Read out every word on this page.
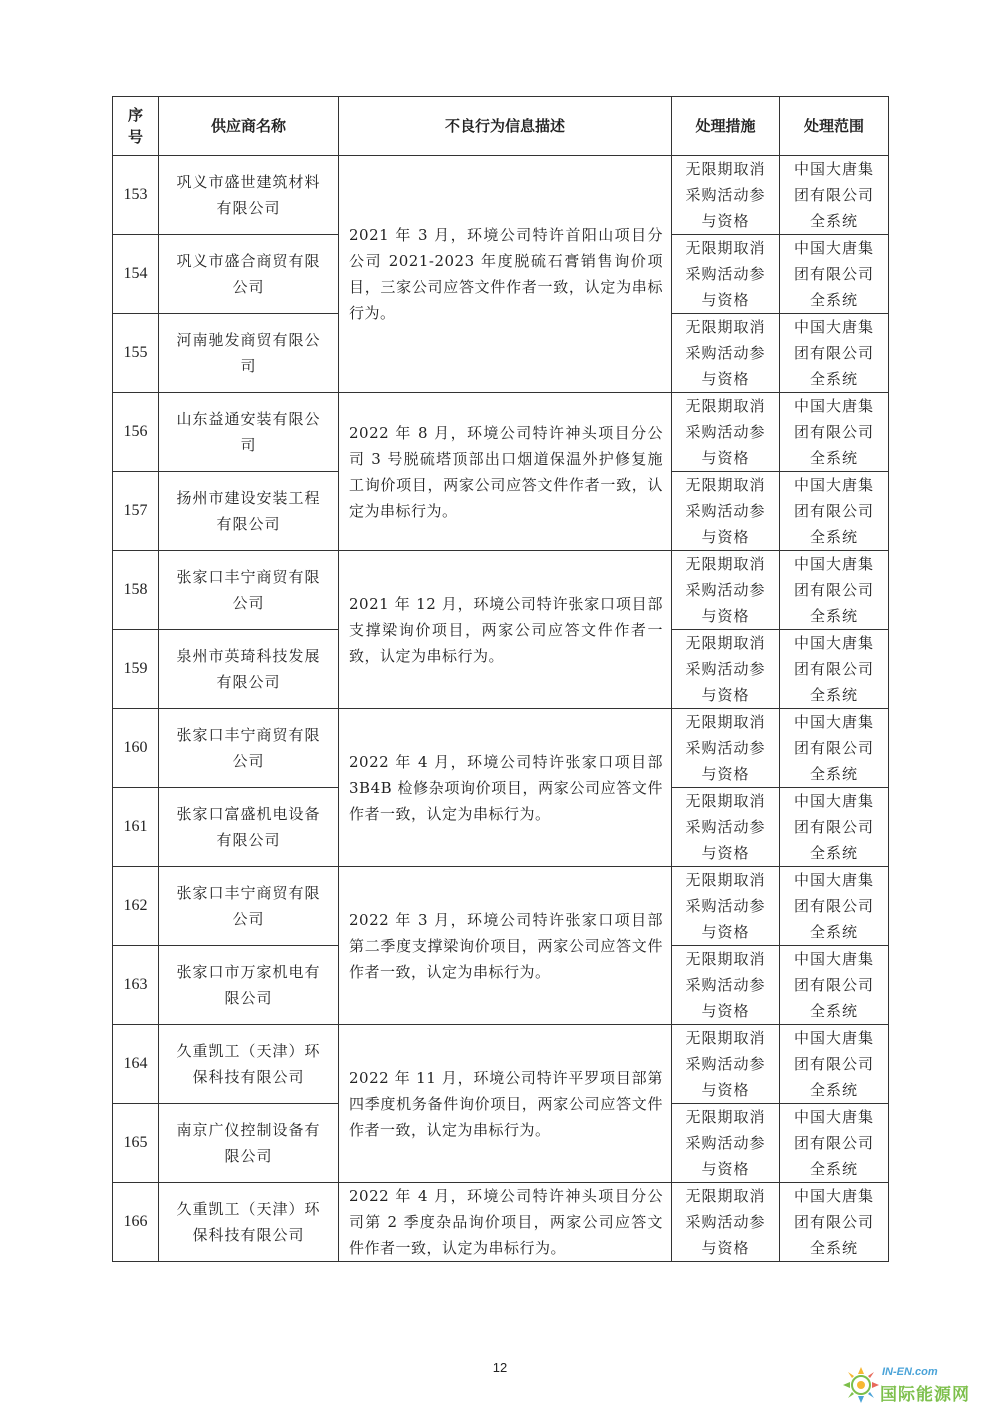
序
号	供应商名称	不良行为信息描述	处理措施	处理范围
153	巩义市盛世建筑材料有限公司	2021 年 3 月，环境公司特许首阳山项目分公司 2021-2023 年度脱硫石膏销售询价项目，三家公司应答文件作者一致，认定为串标行为。	无限期取消采购活动参与资格	中国大唐集团有限公司全系统
154	巩义市盛合商贸有限公司		无限期取消采购活动参与资格	中国大唐集团有限公司全系统
155	河南驰发商贸有限公司		无限期取消采购活动参与资格	中国大唐集团有限公司全系统
156	山东益通安装有限公司	2022 年 8 月，环境公司特许神头项目分公司 3 号脱硫塔顶部出口烟道保温外护修复施工询价项目，两家公司应答文件作者一致，认定为串标行为。	无限期取消采购活动参与资格	中国大唐集团有限公司全系统
157	扬州市建设安装工程有限公司		无限期取消采购活动参与资格	中国大唐集团有限公司全系统
158	张家口丰宁商贸有限公司	2021 年 12 月，环境公司特许张家口项目部支撑梁询价项目，两家公司应答文件作者一致，认定为串标行为。	无限期取消采购活动参与资格	中国大唐集团有限公司全系统
159	泉州市英琦科技发展有限公司		无限期取消采购活动参与资格	中国大唐集团有限公司全系统
160	张家口丰宁商贸有限公司	2022 年 4 月，环境公司特许张家口项目部 3B4B 检修杂项询价项目，两家公司应答文件作者一致，认定为串标行为。	无限期取消采购活动参与资格	中国大唐集团有限公司全系统
161	张家口富盛机电设备有限公司		无限期取消采购活动参与资格	中国大唐集团有限公司全系统
162	张家口丰宁商贸有限公司	2022 年 3 月，环境公司特许张家口项目部第二季度支撑梁询价项目，两家公司应答文件作者一致，认定为串标行为。	无限期取消采购活动参与资格	中国大唐集团有限公司全系统
163	张家口市万家机电有限公司		无限期取消采购活动参与资格	中国大唐集团有限公司全系统
164	久重凯工（天津）环保科技有限公司	2022 年 11 月，环境公司特许平罗项目部第四季度机务备件询价项目，两家公司应答文件作者一致，认定为串标行为。	无限期取消采购活动参与资格	中国大唐集团有限公司全系统
165	南京广仪控制设备有限公司		无限期取消采购活动参与资格	中国大唐集团有限公司全系统
166	久重凯工（天津）环保科技有限公司	2022 年 4 月，环境公司特许神头项目分公司第 2 季度杂品询价项目，两家公司应答文件作者一致，认定为串标行为。	无限期取消采购活动参与资格	中国大唐集团有限公司全系统
12	IN-EN.com
国际能源网
